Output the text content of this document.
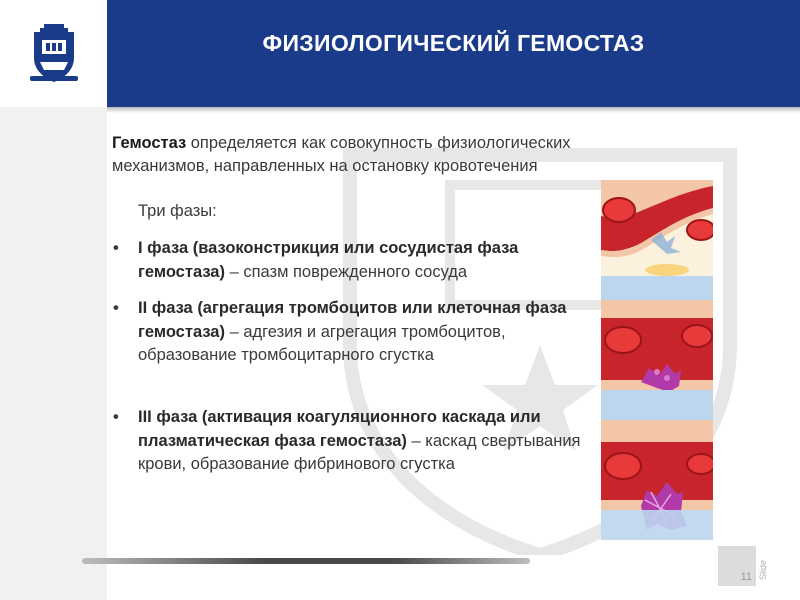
ФИЗИОЛОГИЧЕСКИЙ ГЕМОСТАЗ
Гемостаз определяется как совокупность физиологических механизмов, направленных на остановку кровотечения
Три фазы:
• I фаза (вазоконстрикция или сосудистая фаза гемостаза) – спазм поврежденного сосуда
• II фаза (агрегация тромбоцитов или клеточная фаза гемостаза) – адгезия и агрегация тромбоцитов, образование тромбоцитарного сгустка
• III фаза (активация коагуляционного каскада или плазматическая фаза гемостаза) – каскад свертывания крови, образование фибринового сгустка
11 Slide
